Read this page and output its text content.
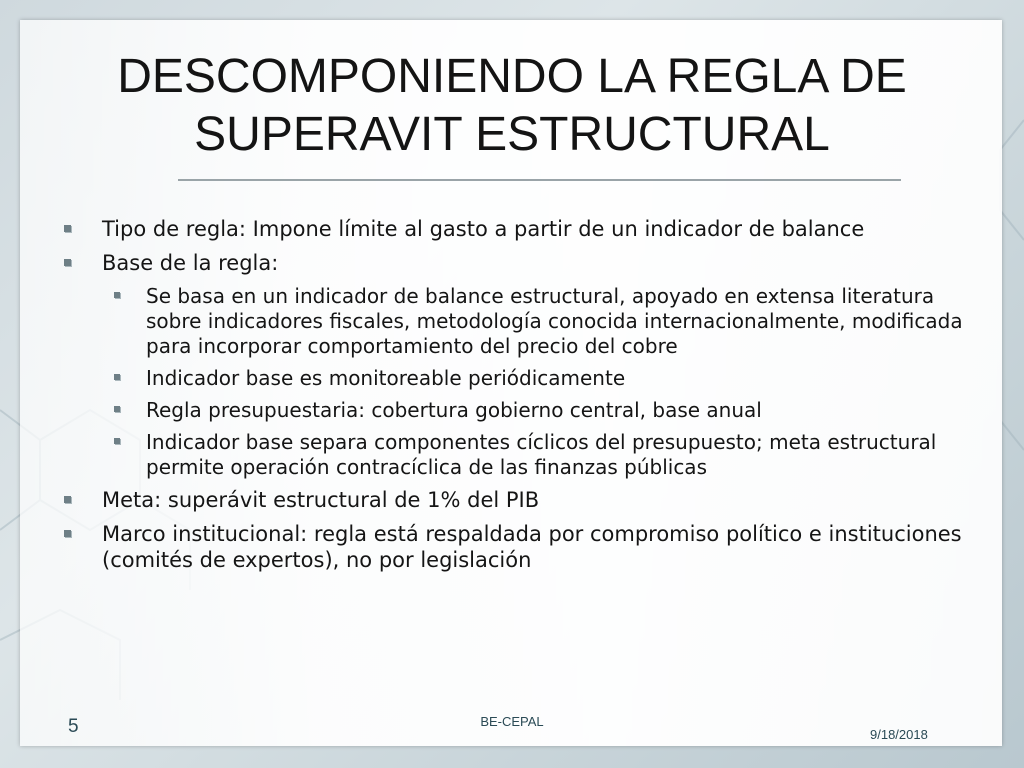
DESCOMPONIENDO LA REGLA DE SUPERAVIT ESTRUCTURAL
Tipo de regla: Impone límite al gasto a partir de un indicador de balance
Base de la regla:
Se basa en un indicador de balance estructural, apoyado en extensa literatura sobre indicadores fiscales, metodología conocida internacionalmente, modificada para incorporar comportamiento del precio del cobre
Indicador base es monitoreable periódicamente
Regla presupuestaria: cobertura gobierno central, base anual
Indicador base separa componentes cíclicos del presupuesto; meta estructural permite operación contracíclica de las finanzas públicas
Meta: superávit estructural de 1% del PIB
Marco institucional: regla está respaldada por compromiso político e instituciones (comités de expertos), no por legislación
5	BE-CEPAL
9/18/2018
